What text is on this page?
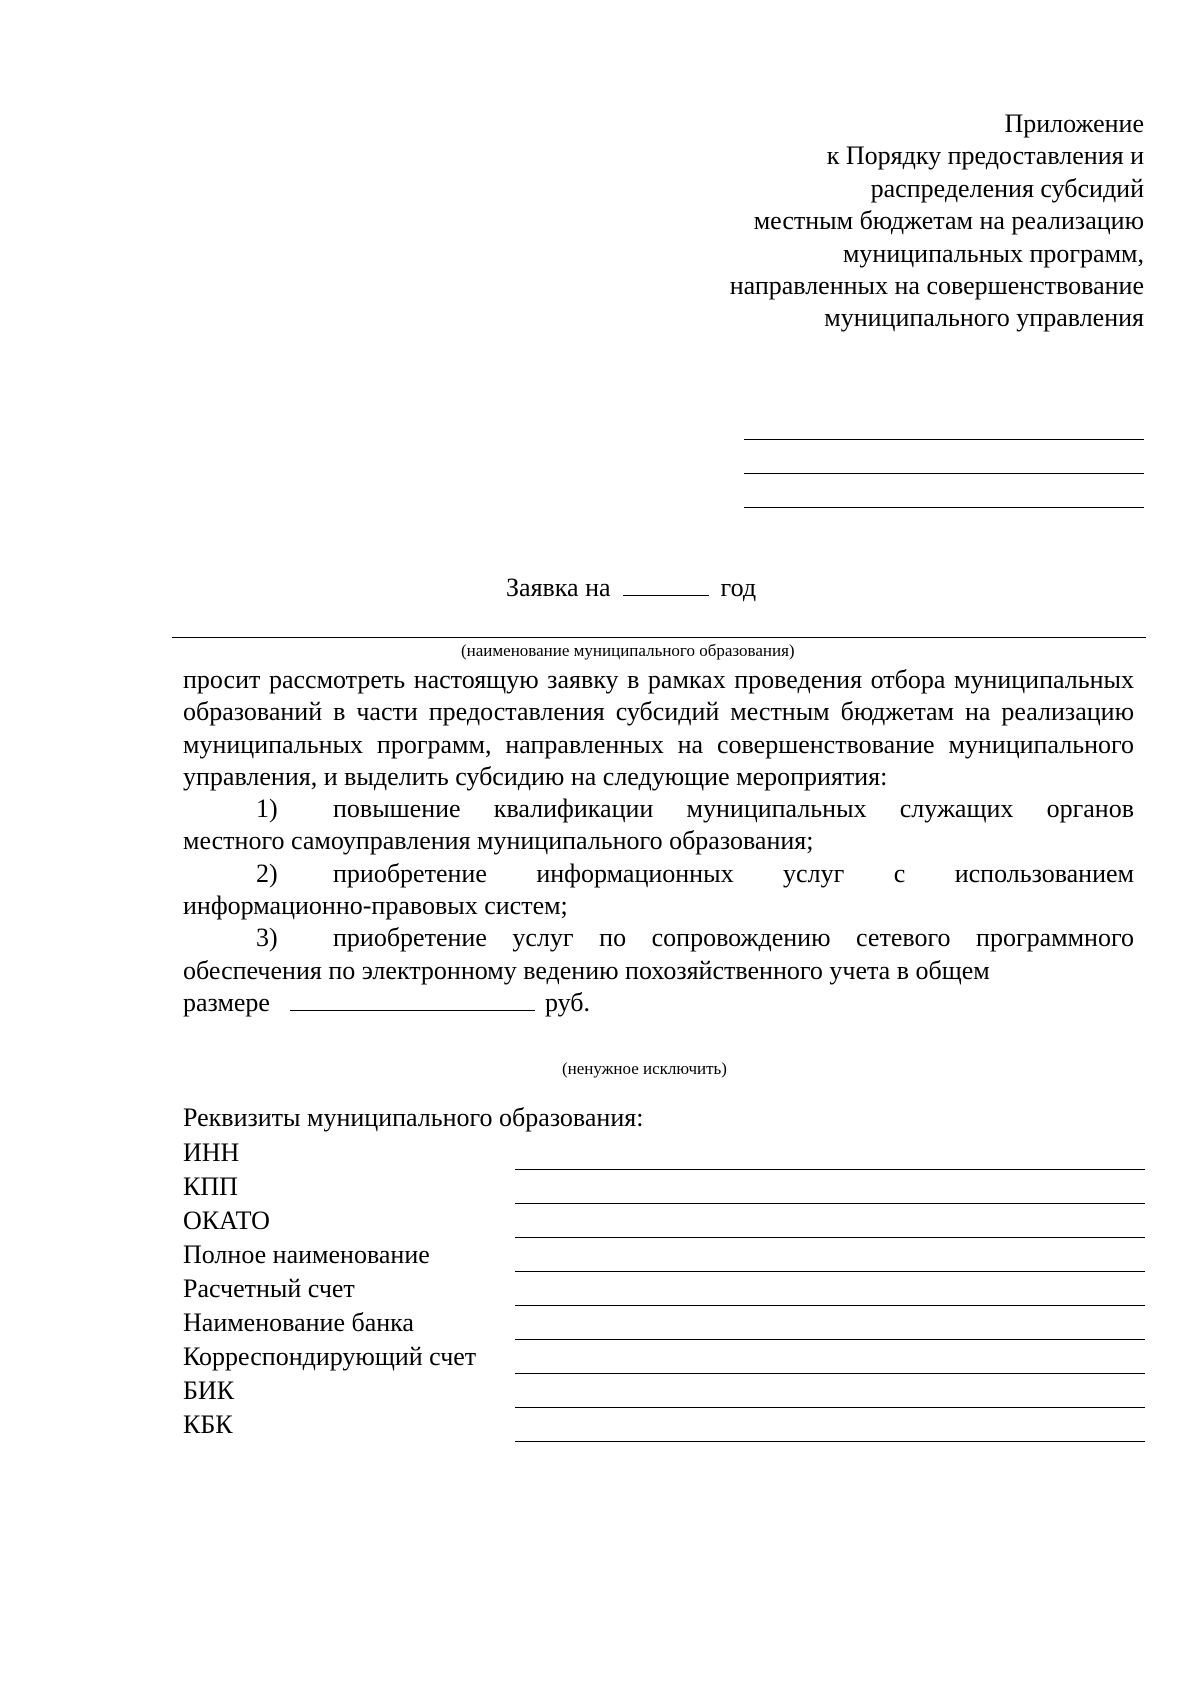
Приложение
к Порядку предоставления и
распределения субсидий
местным бюджетам на реализацию
муниципальных программ,
направленных на совершенствование
муниципального управления
Заявка на	год
(наименование муниципального образования)

просит рассмотреть настоящую заявку в рамках проведения отбора муниципальных образований в части предоставления субсидий местным бюджетам на реализацию муниципальных программ, направленных на совершенствование муниципального управления, и выделить субсидию на следующие мероприятия:

1) повышение квалификации муниципальных служащих органов местного самоуправления муниципального образования;

2) приобретение информационных услуг с использованием информационно-правовых систем;

3) приобретение услуг по сопровождению сетевого программного обеспечения по электронному ведению похозяйственного учета в общем

размере	руб.

(ненужное исключить)
Реквизиты муниципального образования:
ИНН
КПП
ОКАТО
Полное наименование
Расчетный счет
Наименование банка
Корреспондирующий счет
БИК
КБК
